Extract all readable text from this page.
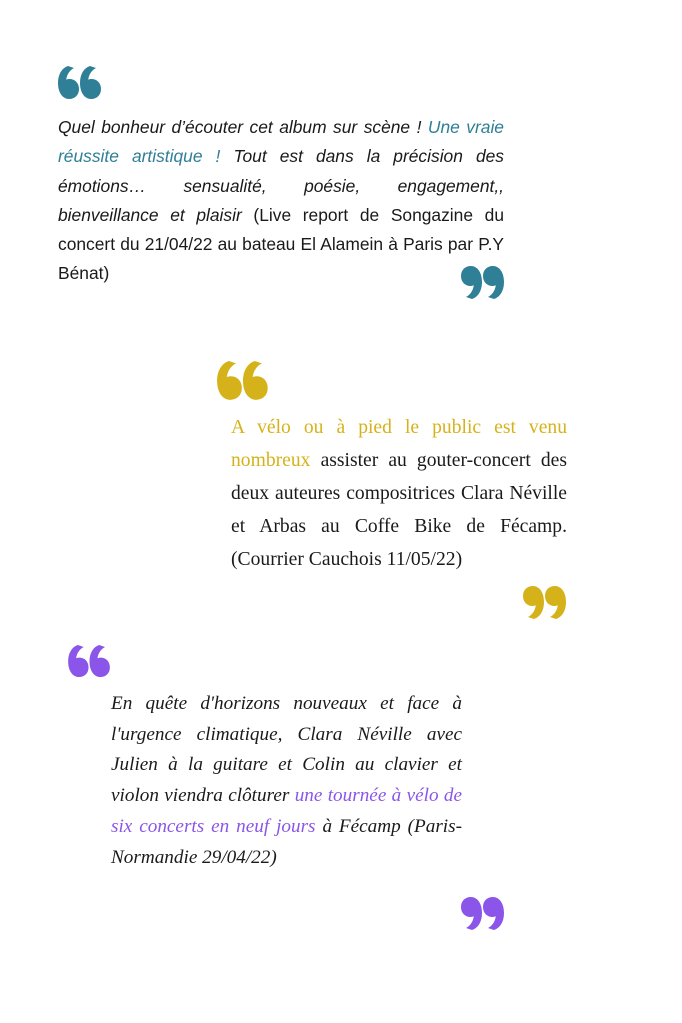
Quel bonheur d’écouter cet album sur scène ! Une vraie réussite artistique ! Tout est dans la précision des émotions… sensualité, poésie, engagement,, bienveillance et plaisir (Live report de Songazine du concert du 21/04/22 au bateau El Alamein à Paris par P.Y Bénat)

A vélo ou à pied le public est venu nombreux assister au gouter-concert des deux auteures compositrices Clara Néville et Arbas au Coffe Bike de Fécamp. (Courrier Cauchois 11/05/22)

En quête d'horizons nouveaux et face à l'urgence climatique, Clara Néville avec Julien à la guitare et Colin au clavier et violon viendra clôturer une tournée à vélo de six concerts en neuf jours à Fécamp (Paris-Normandie 29/04/22)
